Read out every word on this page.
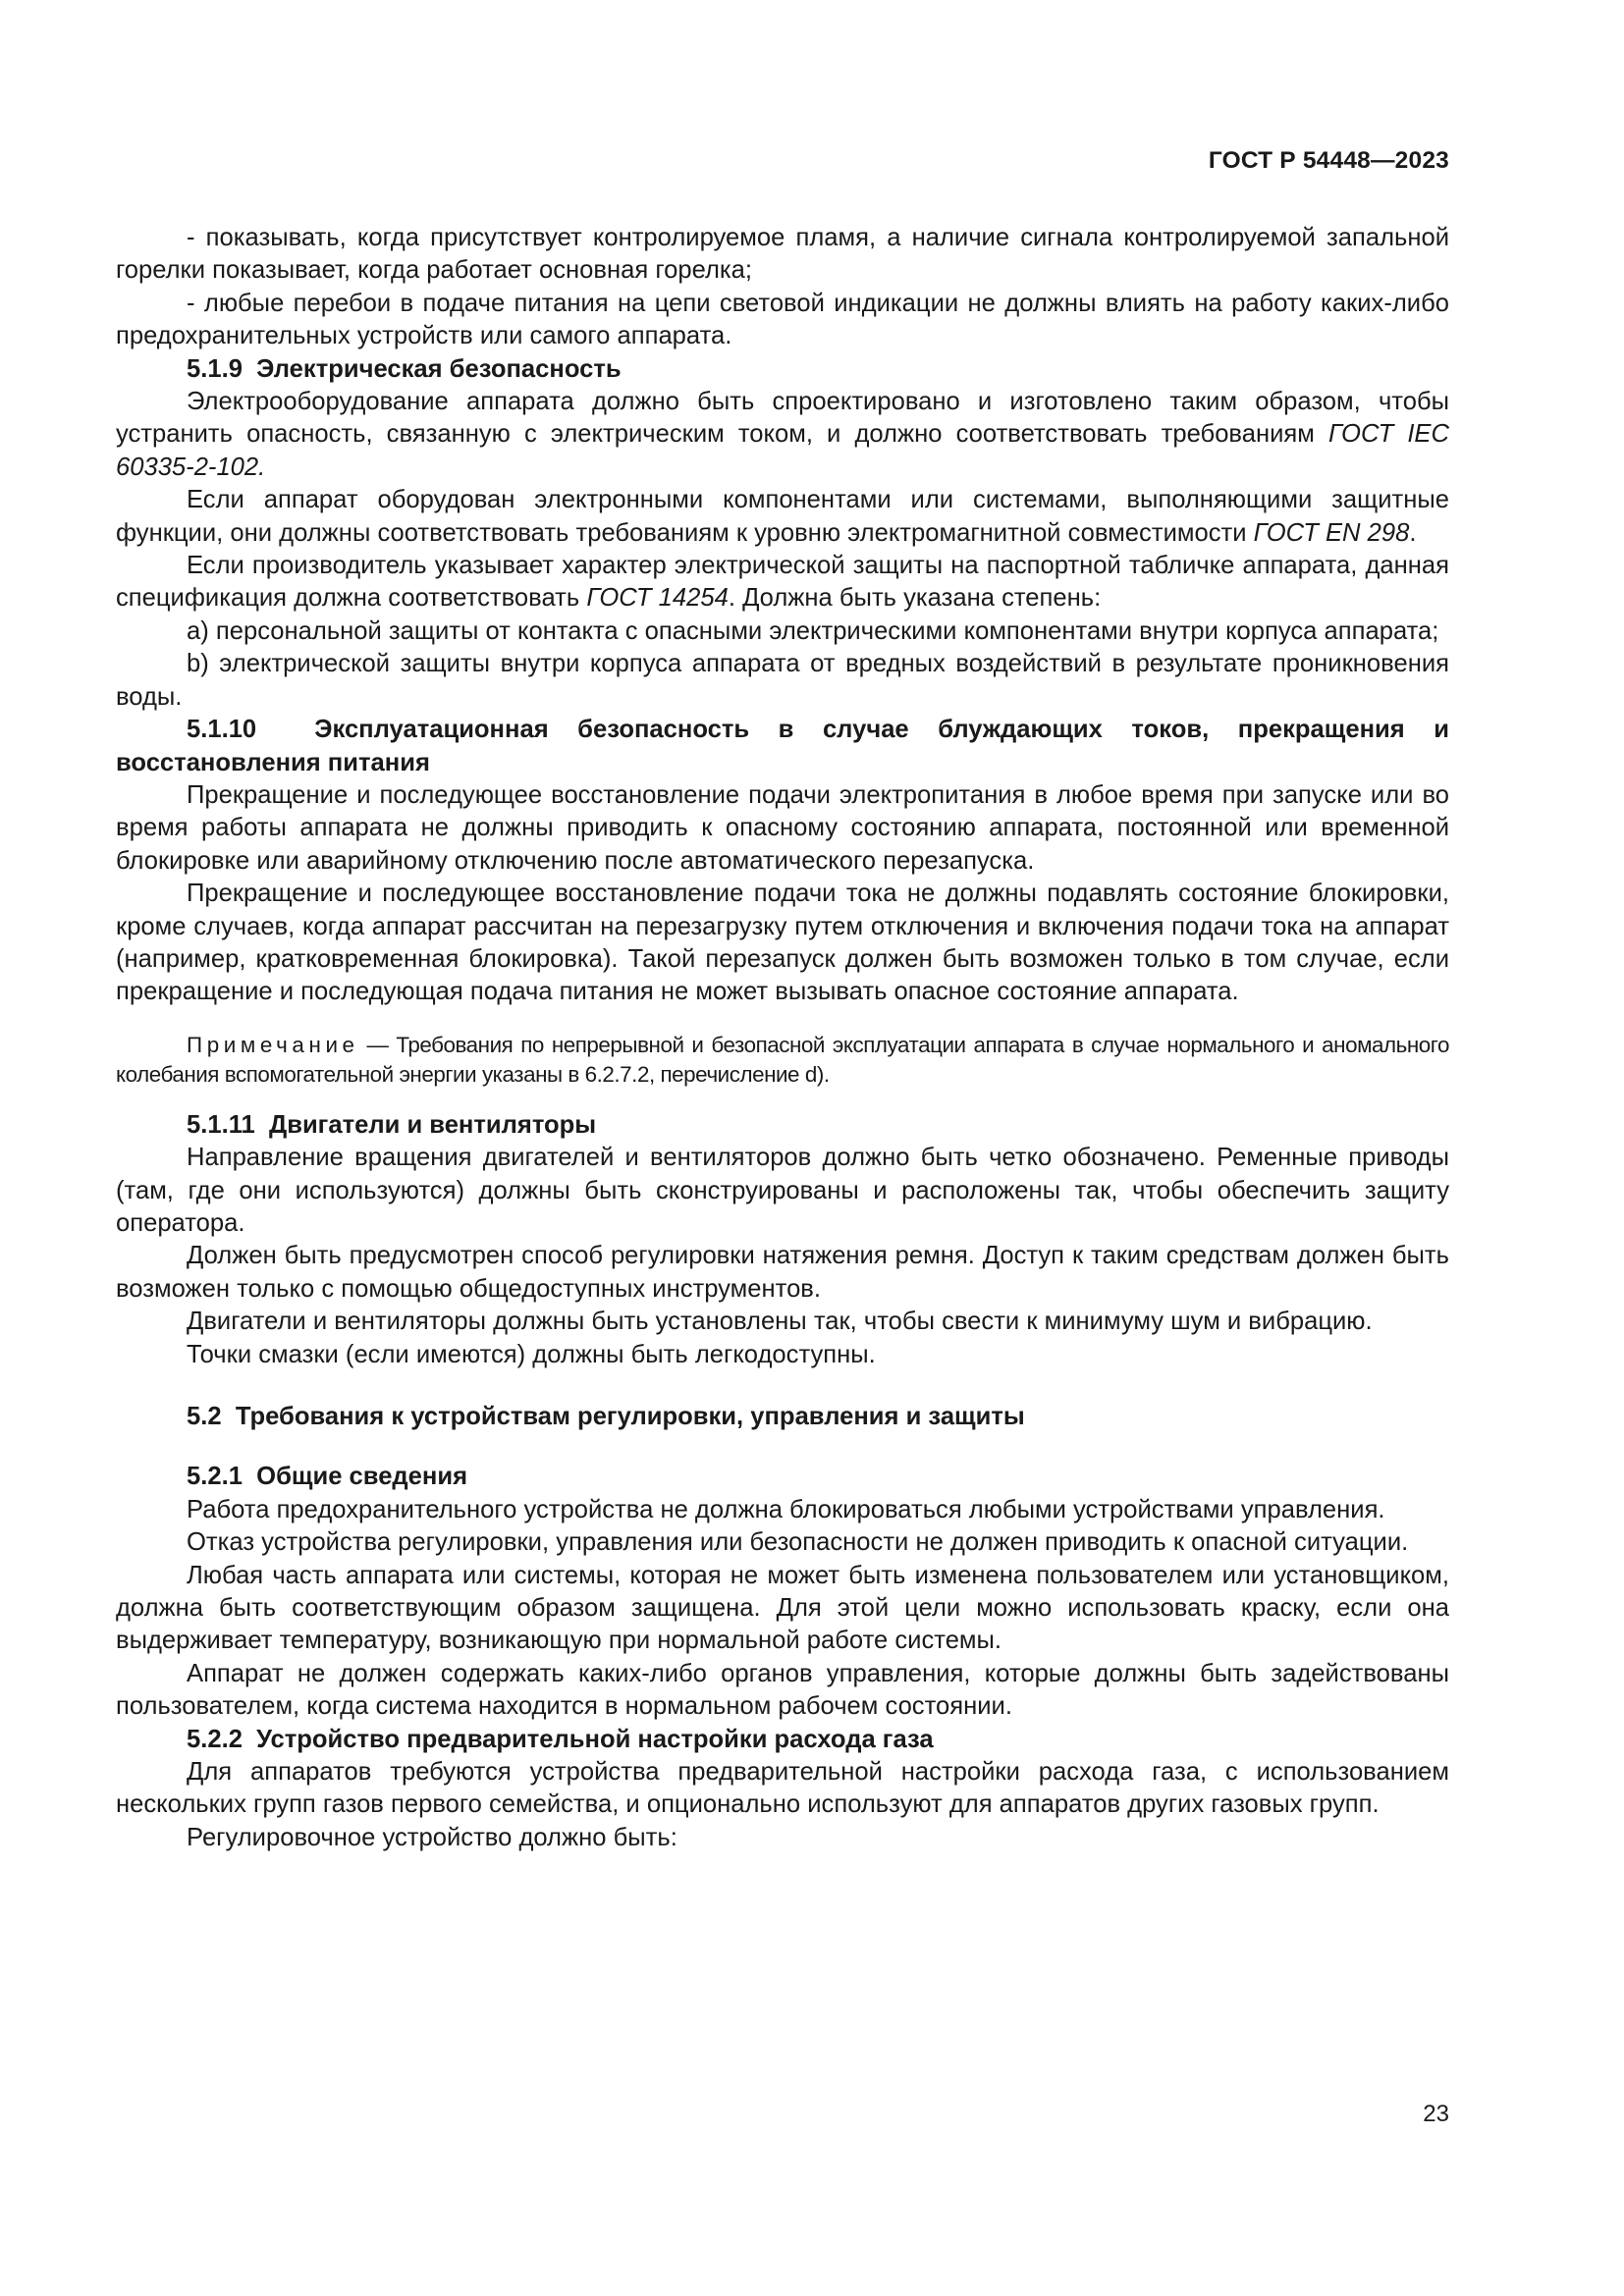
ГОСТ Р 54448—2023

- показывать, когда присутствует контролируемое пламя, а наличие сигнала контролируемой запальной горелки показывает, когда работает основная горелка;

- любые перебои в подаче питания на цепи световой индикации не должны влиять на работу каких-либо предохранительных устройств или самого аппарата.

5.1.9 Электрическая безопасность

Электрооборудование аппарата должно быть спроектировано и изготовлено таким образом, чтобы устранить опасность, связанную с электрическим током, и должно соответствовать требованиям ГОСТ IEC 60335-2-102.

Если аппарат оборудован электронными компонентами или системами, выполняющими защитные функции, они должны соответствовать требованиям к уровню электромагнитной совместимости ГОСТ EN 298.

Если производитель указывает характер электрической защиты на паспортной табличке аппарата, данная спецификация должна соответствовать ГОСТ 14254. Должна быть указана степень:

a) персональной защиты от контакта с опасными электрическими компонентами внутри корпуса аппарата;

b) электрической защиты внутри корпуса аппарата от вредных воздействий в результате проникновения воды.

5.1.10 Эксплуатационная безопасность в случае блуждающих токов, прекращения и восстановления питания

Прекращение и последующее восстановление подачи электропитания в любое время при запуске или во время работы аппарата не должны приводить к опасному состоянию аппарата, постоянной или временной блокировке или аварийному отключению после автоматического перезапуска.

Прекращение и последующее восстановление подачи тока не должны подавлять состояние блокировки, кроме случаев, когда аппарат рассчитан на перезагрузку путем отключения и включения подачи тока на аппарат (например, кратковременная блокировка). Такой перезапуск должен быть возможен только в том случае, если прекращение и последующая подача питания не может вызывать опасное состояние аппарата.

Примечание — Требования по непрерывной и безопасной эксплуатации аппарата в случае нормального и аномального колебания вспомогательной энергии указаны в 6.2.7.2, перечисление d).

5.1.11 Двигатели и вентиляторы

Направление вращения двигателей и вентиляторов должно быть четко обозначено. Ременные приводы (там, где они используются) должны быть сконструированы и расположены так, чтобы обеспечить защиту оператора.

Должен быть предусмотрен способ регулировки натяжения ремня. Доступ к таким средствам должен быть возможен только с помощью общедоступных инструментов.

Двигатели и вентиляторы должны быть установлены так, чтобы свести к минимуму шум и вибрацию.

Точки смазки (если имеются) должны быть легкодоступны.

5.2 Требования к устройствам регулировки, управления и защиты

5.2.1 Общие сведения

Работа предохранительного устройства не должна блокироваться любыми устройствами управления.

Отказ устройства регулировки, управления или безопасности не должен приводить к опасной ситуации.

Любая часть аппарата или системы, которая не может быть изменена пользователем или установщиком, должна быть соответствующим образом защищена. Для этой цели можно использовать краску, если она выдерживает температуру, возникающую при нормальной работе системы.

Аппарат не должен содержать каких-либо органов управления, которые должны быть задействованы пользователем, когда система находится в нормальном рабочем состоянии.

5.2.2 Устройство предварительной настройки расхода газа

Для аппаратов требуются устройства предварительной настройки расхода газа, с использованием нескольких групп газов первого семейства, и опционально используют для аппаратов других газовых групп.

Регулировочное устройство должно быть:

23
